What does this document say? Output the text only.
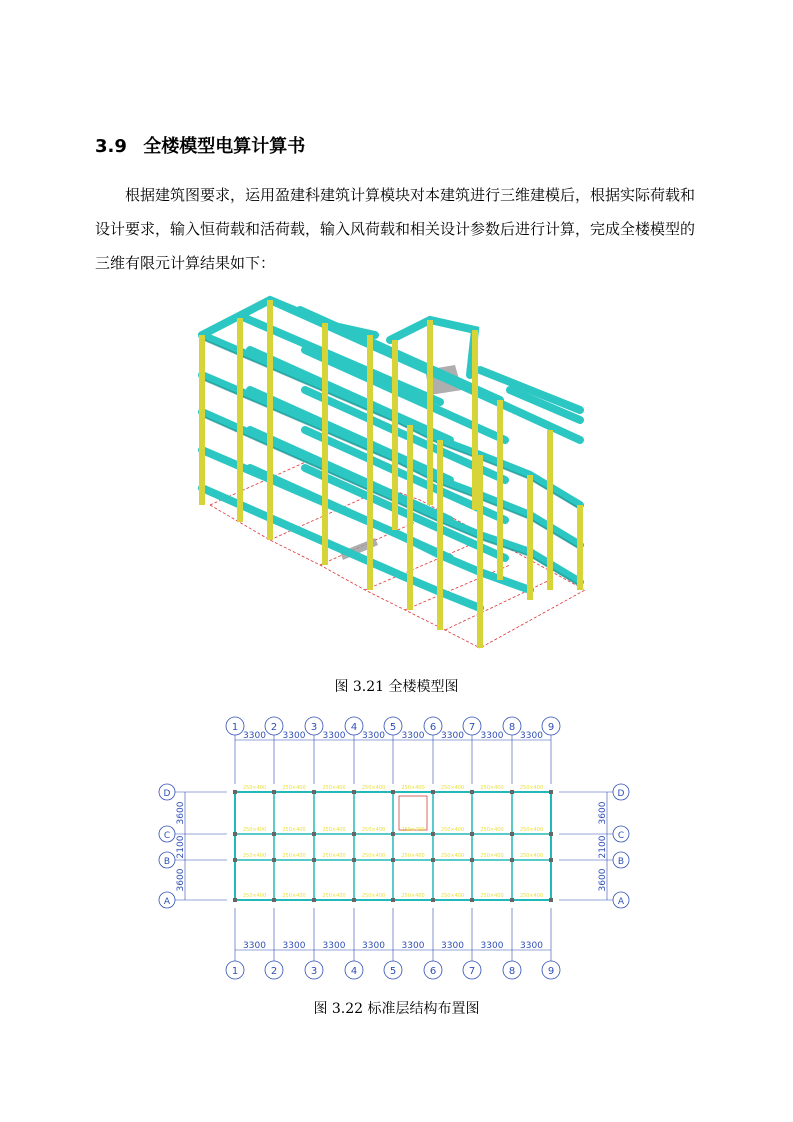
3.9 全楼模型电算计算书
根据建筑图要求，运用盈建科建筑计算模块对本建筑进行三维建模后，根据实际荷载和设计要求，输入恒荷载和活荷载，输入风荷载和相关设计参数后进行计算，完成全楼模型的三维有限元计算结果如下：
图 3.21 全楼模型图
1
1
2
2
3
3
4
4
5
5
6
6
7
7
8
8
9
9
D
C
B
A
D
C
B
A
3300
3300
3300
3300
3300
3300
3300
3300
3300
3300
3300
3300
3300
3300
3300
3300
3600	3600
2100	2100
3600	3600
250×400
250×400
250×400
250×400
250×400
250×400
250×400
250×400
250×400
250×400
250×400
250×400
250×400
250×400
250×400
250×400
250×400
250×400
250×400
250×400
250×400
250×400
250×400
250×400
250×400
250×400
250×400
250×400
250×400
250×400
250×400
250×400
图 3.22 标准层结构布置图
